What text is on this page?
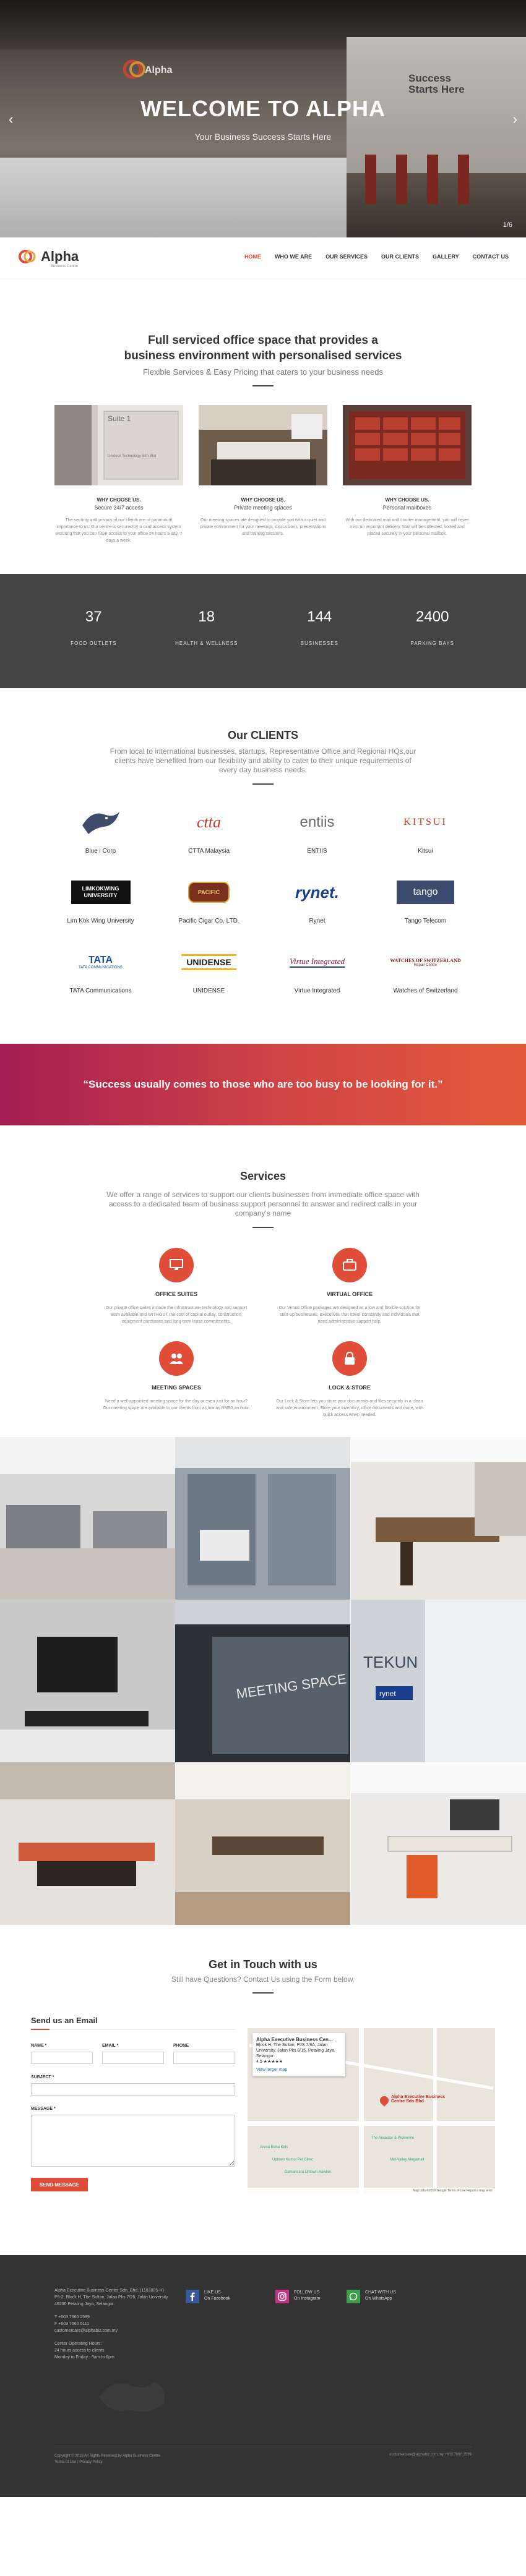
Success
Starts Here
Alpha
WELCOME TO ALPHA
Your Business Success Starts Here
‹	›
1/6
Alpha
Business Centre
HOME WHO WE ARE OUR SERVICES OUR CLIENTS GALLERY CONTACT US
Full serviced office space that provides a
business environment with personalised services

Flexible Services & Easy Pricing that caters to your business needs

Suite 1
Unidesk Technology Sdn Bhd
WHY CHOOSE US.
Secure 24/7 access
The security and privacy of our clients are of paramount importance to us. Our centre is secured by a card access system ensuring that you can have access to your office 24 hours a day, 7 days a week.
WHY CHOOSE US.
Private meeting spaces
Our meeting spaces are designed to provide you with a quiet and private environment for your meetings, discussions, presentations and training sessions.
WHY CHOOSE US.
Personal mailboxes
With our dedicated mail and courier management, you will never miss an important delivery. Mail will be collected, sorted and placed securely in your personal mailbox.
37
FOOD OUTLETS
18
HEALTH & WELLNESS
144
BUSINESSES
2400
PARKING BAYS
Our CLIENTS

From local to international businesses, startups, Representative Office and Regional HQs,our clients have benefited from our flexibility and ability to cater to their unique requirements of every day business needs.

Blue i Corp
ctta
CTTA Malaysia
entiis
ENTIIS
KITSUI
Kitsui
LIMKOKWING UNIVERSITY
Lim Kok Wing University
PACIFIC
Pacific Cigar Co. LTD.
rynet.
Rynet
tango
Tango Telecom
TATA
TATA COMMUNICATIONS
TATA Communications
UNIDENSE
UNIDENSE
Virtue Integrated
Virtue Integrated
WATCHES OF SWITZERLAND
Repair Centre
Watches of Switzerland

“Success usually comes to those who are too busy to be looking for it.”

Services

We offer a range of services to support our clients businesses from immediate office space with access to a dedicated team of business support personnel to answer and redirect calls in your company's name

OFFICE SUITES

Our private office suites include the infrastructure, technology and support team available and WITHOUT the cost of capital outlay, construction, equipment purchases and long-term lease commitments.

VIRTUAL OFFICE

Our Virtual Office packages are designed as a low and flexible solution for start-up businesses, executives that travel constantly and individuals that need administrative support help.

MEETING SPACES

Need a well-appointed meeting space for the day or even just for an hour? Our meeting space are available to our clients from as low as RM90 an hour.

LOCK & STORE

Our Lock & Store lets you store your documents and files securely in a clean and safe environment. Store your inventory, office documents and more, with quick access when needed.

MEETING SPACE
TEKUN
rynet
Get in Touch with us

Still have Questions? Contact Us using the Form below.

Send us an Email
NAME *	EMAIL *	PHONE
SUBJECT *
MESSAGE *
SEND MESSAGE
Arena Raha Kids
Uptown Kumoi Pet Clinic
Damansara Uptown Hawker
The Ancestor & Wolverine
Mid-Valley Megamall
Alpha Executive Business Centre Sdn Bhd
Alpha Executive Business Cen...
Block H, The Sultan, PJS 7/9A, Jalan University, Jalan Pks 8/15, Petaling Jaya, Selangor
4.5 ★★★★★
View larger map
Map data ©2019 Google Terms of Use Report a map error
Alpha Executive Business Center Sdn. Bhd. (1163005-H)
P5-2, Block H, The Sultan, Jalan Pks 7/26, Jalan University
46200 Petaling Jaya, Selangor.
T +603 7660 2599
F +603 7660 5111
customercare@alphabiz.com.my
Center Operating Hours:
24 hours access to clients
Monday to Friday : 9am to 6pm
LIKE US
On Facebook
FOLLOW US
On Instagram
CHAT WITH US
On WhatsApp
Copyright © 2019 All Rights Reserved by Alpha Business Centre
Terms of Use | Privacy Policy
customercare@alphabiz.com.my +603 7660 2599
